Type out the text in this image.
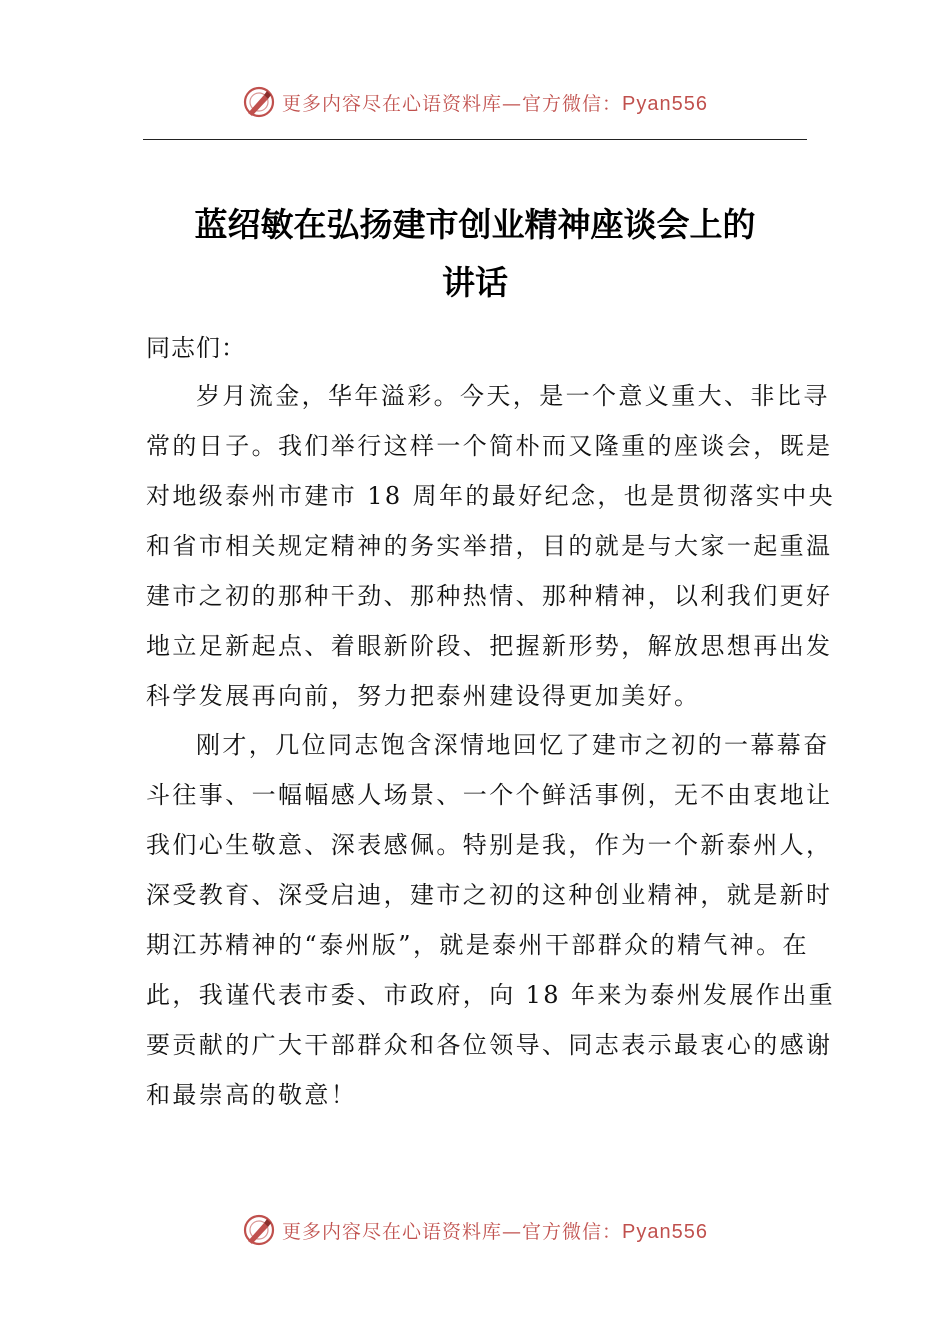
更多内容尽在心语资料库—官方微信：Pyan556
蓝绍敏在弘扬建市创业精神座谈会上的
讲话
同志们：
岁月流金，华年溢彩。今天，是一个意义重大、非比寻
常的日子。我们举行这样一个简朴而又隆重的座谈会，既是
对地级泰州市建市 18 周年的最好纪念，也是贯彻落实中央
和省市相关规定精神的务实举措，目的就是与大家一起重温
建市之初的那种干劲、那种热情、那种精神，以利我们更好
地立足新起点、着眼新阶段、把握新形势，解放思想再出发
科学发展再向前，努力把泰州建设得更加美好。
刚才，几位同志饱含深情地回忆了建市之初的一幕幕奋
斗往事、一幅幅感人场景、一个个鲜活事例，无不由衷地让
我们心生敬意、深表感佩。特别是我，作为一个新泰州人，
深受教育、深受启迪，建市之初的这种创业精神，就是新时
期江苏精神的“泰州版”，就是泰州干部群众的精气神。在
此，我谨代表市委、市政府，向 18 年来为泰州发展作出重
要贡献的广大干部群众和各位领导、同志表示最衷心的感谢
和最崇高的敬意！
更多内容尽在心语资料库—官方微信：Pyan556
